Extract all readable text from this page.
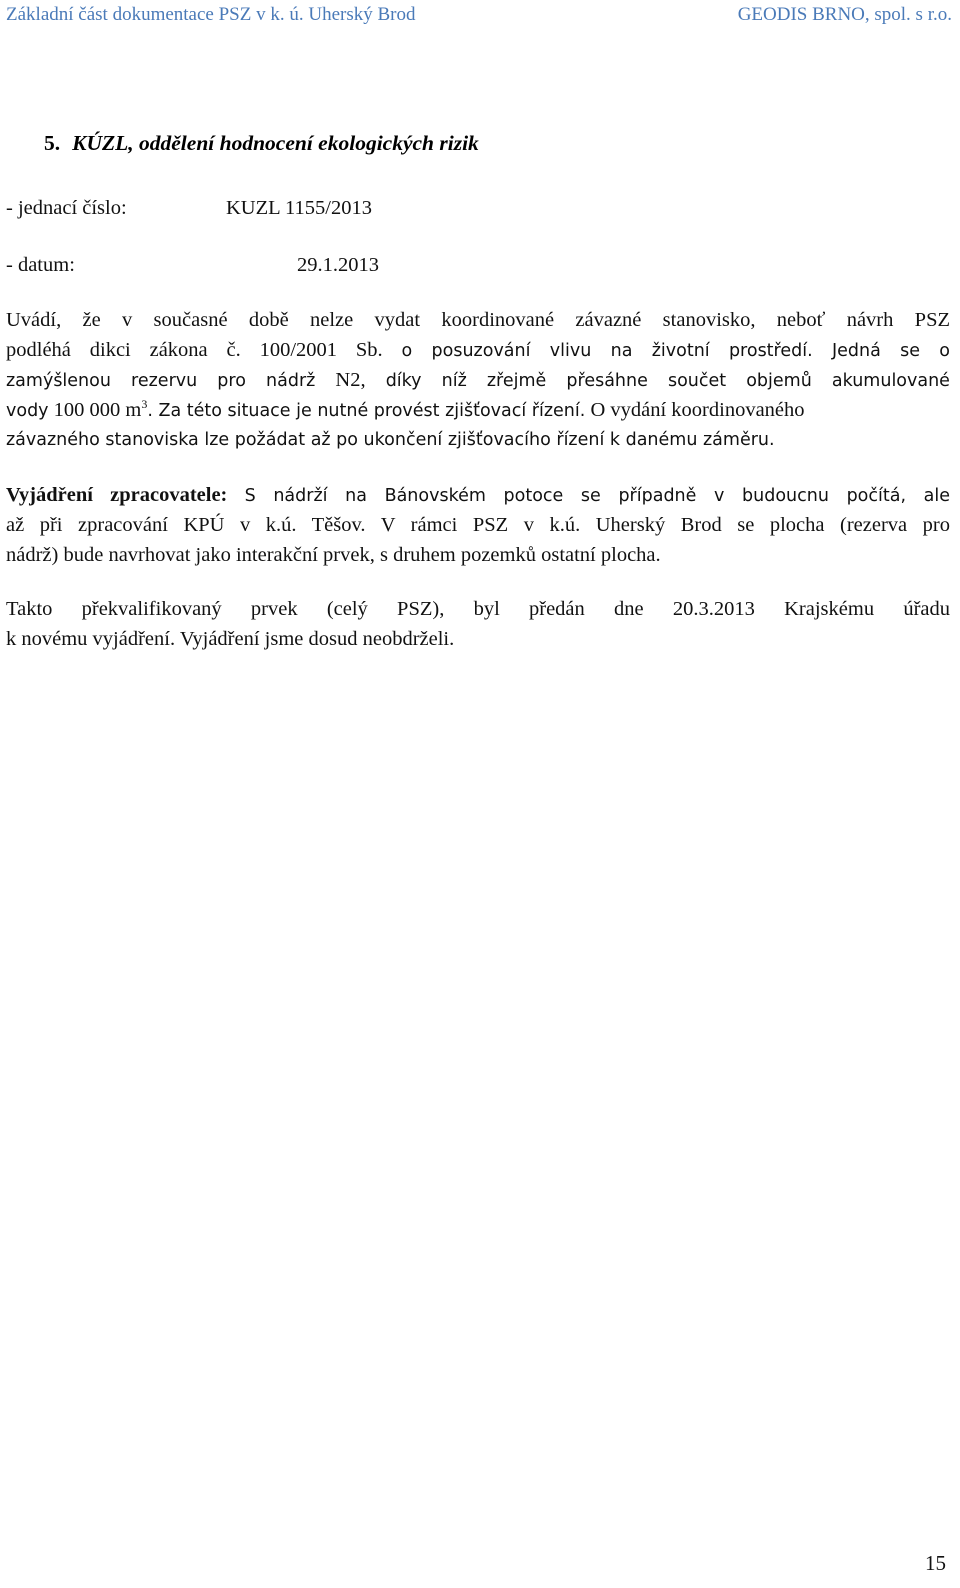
Základní část dokumentace PSZ v k. ú. Uherský Brod	GEODIS BRNO, spol. s r.o.
5. KÚZL, oddělení hodnocení ekologických rizik
- jednací číslo:	KUZL 1155/2013
- datum:	29.1.2013
Uvádí, že v současné době nelze vydat koordinované závazné stanovisko, neboť návrh PSZ
podléhá dikci zákona č. 100/2001 Sb. o posuzování vlivu na životní prostředí. Jedná se o
zamýšlenou rezervu pro nádrž N2, díky níž zřejmě přesáhne součet objemů akumulované
vody 100 000 $m^3$. Za této situace je nutné provést zjišťovací řízení. O vydání koordinovaného
závazného stanoviska lze požádat až po ukončení zjišťovacího řízení k danému záměru.
Vyjádření zpracovatele: S nádrží na Bánovském potoce se případně v budoucnu počítá, ale
až při zpracování KPÚ v k.ú. Těšov. V rámci PSZ v k.ú. Uherský Brod se plocha (rezerva pro
nádrž) bude navrhovat jako interakční prvek, s druhem pozemků ostatní plocha.
Takto překvalifikovaný prvek (celý PSZ), byl předán dne 20.3.2013 Krajskému úřadu
k novému vyjádření. Vyjádření jsme dosud neobdrželi.
15
